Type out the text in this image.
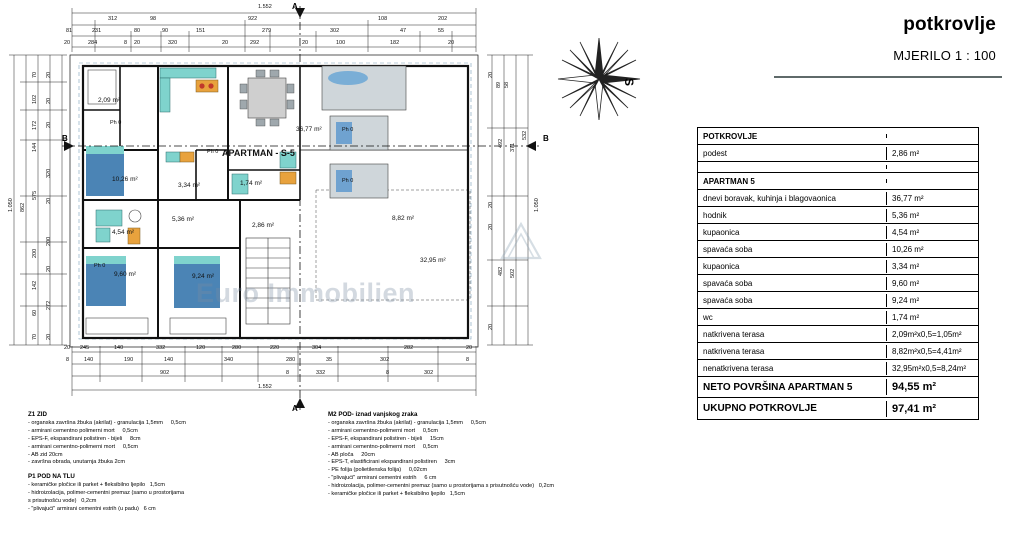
potkrovlje
MJERILO 1 : 100
S
APARTMAN - S-5
B	B
A
A
2,09 m²
36,77 m²
5,36 m²
10,26 m²
3,34 m²	1,74 m²
4,54 m²
2,86 m²
8,82 m²
32,95 m²
9,60 m²	9,24 m²
Ph 0
Ph 0
Ph 0
Ph 0
Ph 0
1.552
312	98	922	108	202
81	231	80	90	151	279	302	47	55
20	284	8 20	320	20	292	20	100	182	20
20 245	140	332	120	280	220	304	282	20
8	140	190	140	340	280	35	302	8
902	8	332	8	302
1.552
1.050 862
102
70
172
144
575
200
142
60
70
20
20
20
320
20
200
20
272
20
1.050
532
371
492
502
482
20
89 58
20
20
20
Euro Immobilien
POTKROVLJE
podest	2,86 m²
APARTMAN 5
dnevi boravak, kuhinja i blagovaonica	36,77 m²
hodnik	5,36 m²
kupaonica	4,54 m²
spavaća soba	10,26 m²
kupaonica	3,34 m²
spavaća soba	9,60 m²
spavaća soba	9,24 m²
wc	1,74 m²
natkrivena terasa	2,09m²x0,5=1,05m²
natkrivena terasa	8,82m²x0,5=4,41m²
nenatkrivena terasa	32,95m²x0,5=8,24m²
NETO POVRŠINA APARTMAN 5	94,55 m²
UKUPNO POTKROVLJE	97,41 m²
Z1 ZID
- organska završna žbuka (akrilat) - granulacija 1,5mm 0,5cm
- armirani cementno polimerni mort 0,5cm
- EPS-F, ekspandirani polistiren - bijeli 8cm
- armirani cementno-polimerni mort 0,5cm
- AB zid 20cm
- završna obrada, unutarnja žbuka 2cm
P1 POD NA TLU
- keramičke pločice ili parket + fleksibilno ljepilo 1,5cm
- hidroizolacija, polimer-cementni premaz (samo u prostorijama
s prisutnošću vode) 0,2cm
- "plivajući" armirani cementni estrih (u padu) 6 cm
M2 POD- iznad vanjskog zraka
- organska završna žbuka (akrilat) - granulacija 1,5mm 0,5cm
- armirani cementno-polimerni mort 0,5cm
- EPS-F, ekspandirani polistiren - bijeli 15cm
- armirani cementno-polimerni mort 0,5cm
- AB ploča 20cm
- EPS-T, elastificirani ekspandirani polistiren 3cm
- PE folija (polietilenska folija) 0,02cm
- "plivajući" armirani cementni estrih 6 cm
- hidroizolacija, polimer-cementni premaz (samo u prostorijama s prisutnošću vode) 0,2cm
- keramičke pločice ili parket + fleksibilno ljepilo 1,5cm
